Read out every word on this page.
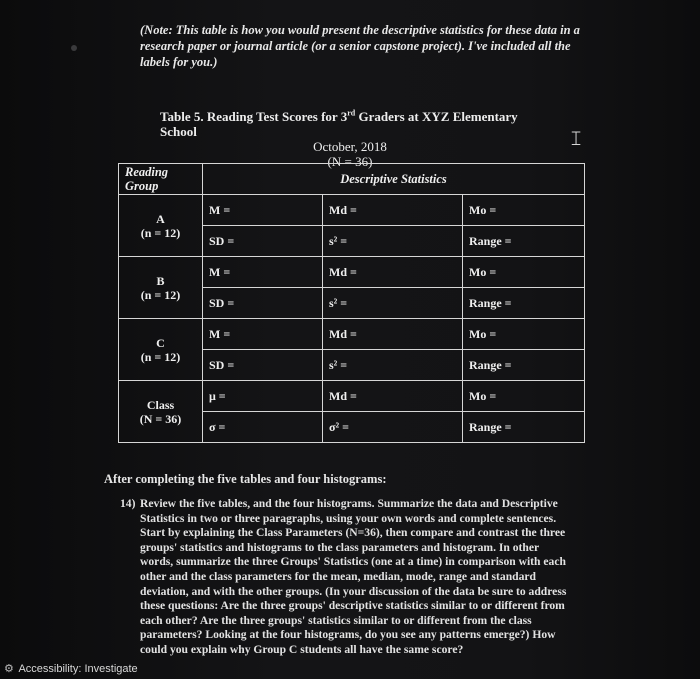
(Note: This table is how you would present the descriptive statistics for these data in a research paper or journal article (or a senior capstone project). I've included all the labels for you.)
Table 5. Reading Test Scores for 3rd Graders at XYZ Elementary School
October, 2018
(N = 36)
𝙸
Reading Group	Descriptive Statistics		

A
(n = 12)	M =	Md =	Mo =
	SD =	s² =	Range =

B
(n = 12)	M =	Md =	Mo =
	SD =	s² =	Range =

C
(n = 12)	M =	Md =	Mo =
	SD =	s² =	Range =

Class
(N = 36)	μ =	Md =	Mo =
	σ =	σ² =	Range =
After completing the five tables and four histograms:
14) Review the five tables, and the four histograms. Summarize the data and Descriptive Statistics in two or three paragraphs, using your own words and complete sentences. Start by explaining the Class Parameters (N=36), then compare and contrast the three groups' statistics and histograms to the class parameters and histogram. In other words, summarize the three Groups' Statistics (one at a time) in comparison with each other and the class parameters for the mean, median, mode, range and standard deviation, and with the other groups. (In your discussion of the data be sure to address these questions: Are the three groups' descriptive statistics similar to or different from each other? Are the three groups' statistics similar to or different from the class parameters? Looking at the four histograms, do you see any patterns emerge?) How could you explain why Group C students all have the same score?
⚙ Accessibility: Investigate
